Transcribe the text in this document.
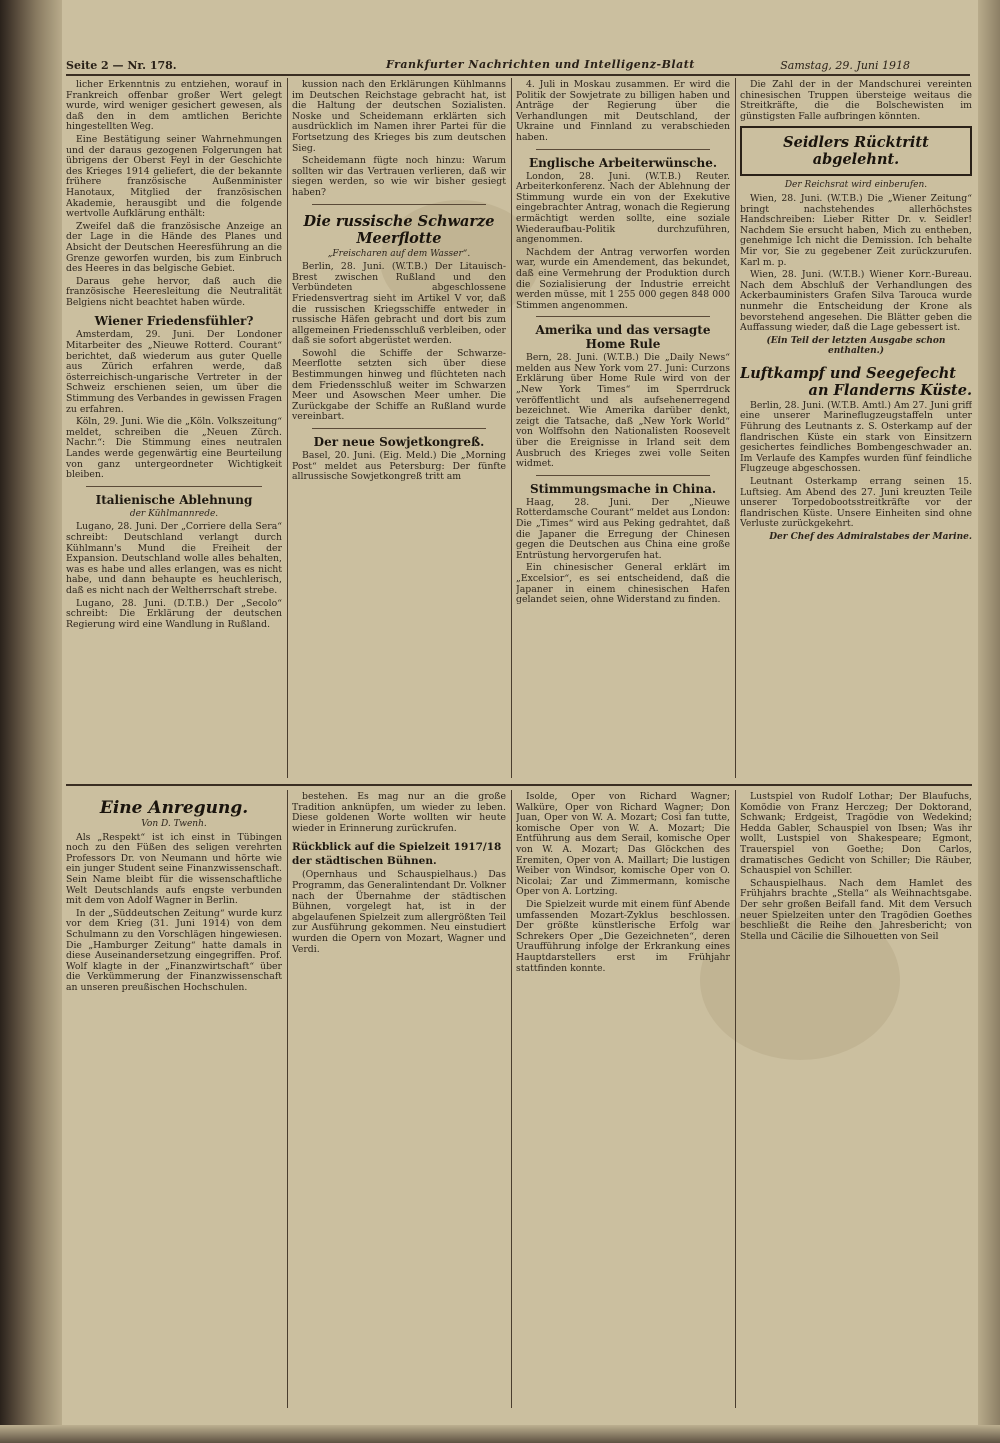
Seite 2 — Nr. 178.	Frankfurter Nachrichten und Intelligenz-Blatt	Samstag, 29. Juni 1918

licher Erkenntnis zu entziehen, worauf in Frankreich offenbar großer Wert gelegt wurde, wird weniger gesichert gewesen, als daß den in dem amtlichen Berichte hingestellten Weg.

Eine Bestätigung seiner Wahrnehmungen und der daraus gezogenen Folgerungen hat übrigens der Oberst Feyl in der Geschichte des Krieges 1914 geliefert, die der bekannte frühere französische Außenminister Hanotaux, Mitglied der französischen Akademie, herausgibt und die folgende wertvolle Aufklärung enthält:

Zweifel daß die französische Anzeige an der Lage in die Hände des Planes und Absicht der Deutschen Heeresführung an die Grenze geworfen wurden, bis zum Einbruch des Heeres in das belgische Gebiet.

Daraus gehe hervor, daß auch die französische Heeresleitung die Neutralität Belgiens nicht beachtet haben würde.

Wiener Friedensfühler?

Amsterdam, 29. Juni. Der Londoner Mitarbeiter des „Nieuwe Rotterd. Courant“ berichtet, daß wiederum aus guter Quelle aus Zürich erfahren werde, daß österreichisch-ungarische Vertreter in der Schweiz erschienen seien, um über die Stimmung des Verbandes in gewissen Fragen zu erfahren.

Köln, 29. Juni. Wie die „Köln. Volkszeitung“ meldet, schreiben die „Neuen Zürch. Nachr.“: Die Stimmung eines neutralen Landes werde gegenwärtig eine Beurteilung von ganz untergeordneter Wichtigkeit bleiben.

Italienische Ablehnung
der Kühlmannrede.

Lugano, 28. Juni. Der „Corriere della Sera“ schreibt: Deutschland verlangt durch Kühlmann's Mund die Freiheit der Expansion. Deutschland wolle alles behalten, was es habe und alles erlangen, was es nicht habe, und dann behaupte es heuchlerisch, daß es nicht nach der Weltherrschaft strebe.

Lugano, 28. Juni. (D.T.B.) Der „Secolo“ schreibt: Die Erklärung der deutschen Regierung wird eine Wandlung in Rußland.

kussion nach den Erklärungen Kühlmanns im Deutschen Reichstage gebracht hat, ist die Haltung der deutschen Sozialisten. Noske und Scheidemann erklärten sich ausdrücklich im Namen ihrer Partei für die Fortsetzung des Krieges bis zum deutschen Sieg.

Scheidemann fügte noch hinzu: Warum sollten wir das Vertrauen verlieren, daß wir siegen werden, so wie wir bisher gesiegt haben?

Die russische Schwarze Meerflotte
„Freischaren auf dem Wasser“.

Berlin, 28. Juni. (W.T.B.) Der Litauisch-Brest zwischen Rußland und den Verbündeten abgeschlossene Friedensvertrag sieht im Artikel V vor, daß die russischen Kriegsschiffe entweder in russische Häfen gebracht und dort bis zum allgemeinen Friedensschluß verbleiben, oder daß sie sofort abgerüstet werden.

Sowohl die Schiffe der Schwarze-Meerflotte setzten sich über diese Bestimmungen hinweg und flüchteten nach dem Friedensschluß weiter im Schwarzen Meer und Asowschen Meer umher. Die Zurückgabe der Schiffe an Rußland wurde vereinbart.

Der neue Sowjetkongreß.

Basel, 20. Juni. (Eig. Meld.) Die „Morning Post“ meldet aus Petersburg: Der fünfte allrussische Sowjetkongreß tritt am

4. Juli in Moskau zusammen. Er wird die Politik der Sowjetrate zu billigen haben und Anträge der Regierung über die Verhandlungen mit Deutschland, der Ukraine und Finnland zu verabschieden haben.

Englische Arbeiterwünsche.

London, 28. Juni. (W.T.B.) Reuter. Arbeiterkonferenz. Nach der Ablehnung der Stimmung wurde ein von der Exekutive eingebrachter Antrag, wonach die Regierung ermächtigt werden sollte, eine soziale Wiederaufbau-Politik durchzuführen, angenommen.

Nachdem der Antrag verworfen worden war, wurde ein Amendement, das bekundet, daß eine Vermehrung der Produktion durch die Sozialisierung der Industrie erreicht werden müsse, mit 1 255 000 gegen 848 000 Stimmen angenommen.

Amerika und das versagte Home Rule

Bern, 28. Juni. (W.T.B.) Die „Daily News“ melden aus New York vom 27. Juni: Curzons Erklärung über Home Rule wird von der „New York Times“ im Sperrdruck veröffentlicht und als aufsehenerregend bezeichnet. Wie Amerika darüber denkt, zeigt die Tatsache, daß „New York World“ von Wolffsohn den Nationalisten Roosevelt über die Ereignisse in Irland seit dem Ausbruch des Krieges zwei volle Seiten widmet.

Stimmungsmache in China.

Haag, 28. Juni. Der „Nieuwe Rotterdamsche Courant“ meldet aus London: Die „Times“ wird aus Peking gedrahtet, daß die Japaner die Erregung der Chinesen gegen die Deutschen aus China eine große Entrüstung hervorgerufen hat.

Ein chinesischer General erklärt im „Excelsior“, es sei entscheidend, daß die Japaner in einem chinesischen Hafen gelandet seien, ohne Widerstand zu finden.

Die Zahl der in der Mandschurei vereinten chinesischen Truppen übersteige weitaus die Streitkräfte, die die Bolschewisten im günstigsten Falle aufbringen könnten.

Seidlers Rücktritt abgelehnt.
Der Reichsrat wird einberufen.

Wien, 28. Juni. (W.T.B.) Die „Wiener Zeitung“ bringt nachstehendes allerhöchstes Handschreiben: Lieber Ritter Dr. v. Seidler! Nachdem Sie ersucht haben, Mich zu entheben, genehmige Ich nicht die Demission. Ich behalte Mir vor, Sie zu gegebener Zeit zurückzurufen. Karl m. p.

Wien, 28. Juni. (W.T.B.) Wiener Korr.-Bureau. Nach dem Abschluß der Verhandlungen des Ackerbauministers Grafen Silva Tarouca wurde nunmehr die Entscheidung der Krone als bevorstehend angesehen. Die Blätter geben die Auffassung wieder, daß die Lage gebessert ist.

(Ein Teil der letzten Ausgabe schon enthalten.)
Luftkampf und Seegefecht
an Flanderns Küste.

Berlin, 28. Juni. (W.T.B. Amtl.) Am 27. Juni griff eine unserer Marineflugzeugstaffeln unter Führung des Leutnants z. S. Osterkamp auf der flandrischen Küste ein stark von Einsitzern gesichertes feindliches Bombengeschwader an. Im Verlaufe des Kampfes wurden fünf feindliche Flugzeuge abgeschossen.

Leutnant Osterkamp errang seinen 15. Luftsieg. Am Abend des 27. Juni kreuzten Teile unserer Torpedobootsstreitkräfte vor der flandrischen Küste. Unsere Einheiten sind ohne Verluste zurückgekehrt.

Der Chef des Admiralstabes der Marine.
Eine Anregung.
Von D. Twenh.

Als „Respekt“ ist ich einst in Tübingen noch zu den Füßen des seligen verehrten Professors Dr. von Neumann und hörte wie ein junger Student seine Finanzwissenschaft. Sein Name bleibt für die wissenschaftliche Welt Deutschlands aufs engste verbunden mit dem von Adolf Wagner in Berlin.

In der „Süddeutschen Zeitung“ wurde kurz vor dem Krieg (31. Juni 1914) von dem Schulmann zu den Vorschlägen hingewiesen. Die „Hamburger Zeitung“ hatte damals in diese Auseinandersetzung eingegriffen. Prof. Wolf klagte in der „Finanzwirtschaft“ über die Verkümmerung der Finanzwissenschaft an unseren preußischen Hochschulen.

bestehen. Es mag nur an die große Tradition anknüpfen, um wieder zu leben. Diese goldenen Worte wollten wir heute wieder in Erinnerung zurückrufen.

Rückblick auf die Spielzeit 1917/18 der städtischen Bühnen.

(Opernhaus und Schauspielhaus.) Das Programm, das Generalintendant Dr. Volkner nach der Übernahme der städtischen Bühnen, vorgelegt hat, ist in der abgelaufenen Spielzeit zum allergrößten Teil zur Ausführung gekommen. Neu einstudiert wurden die Opern von Mozart, Wagner und Verdi.

Isolde, Oper von Richard Wagner; Walküre, Oper von Richard Wagner; Don Juan, Oper von W. A. Mozart; Così fan tutte, komische Oper von W. A. Mozart; Die Entführung aus dem Serail, komische Oper von W. A. Mozart; Das Glöckchen des Eremiten, Oper von A. Maillart; Die lustigen Weiber von Windsor, komische Oper von O. Nicolai; Zar und Zimmermann, komische Oper von A. Lortzing.

Die Spielzeit wurde mit einem fünf Abende umfassenden Mozart-Zyklus beschlossen. Der größte künstlerische Erfolg war Schrekers Oper „Die Gezeichneten“, deren Uraufführung infolge der Erkrankung eines Hauptdarstellers erst im Frühjahr stattfinden konnte.

Lustspiel von Rudolf Lothar; Der Blaufuchs, Komödie von Franz Herczeg; Der Doktorand, Schwank; Erdgeist, Tragödie von Wedekind; Hedda Gabler, Schauspiel von Ibsen; Was ihr wollt, Lustspiel von Shakespeare; Egmont, Trauerspiel von Goethe; Don Carlos, dramatisches Gedicht von Schiller; Die Räuber, Schauspiel von Schiller.

Schauspielhaus. Nach dem Hamlet des Frühjahrs brachte „Stella“ als Weihnachtsgabe. Der sehr großen Beifall fand. Mit dem Versuch neuer Spielzeiten unter den Tragödien Goethes beschließt die Reihe den Jahresbericht; von Stella und Cäcilie die Silhouetten von Seil
